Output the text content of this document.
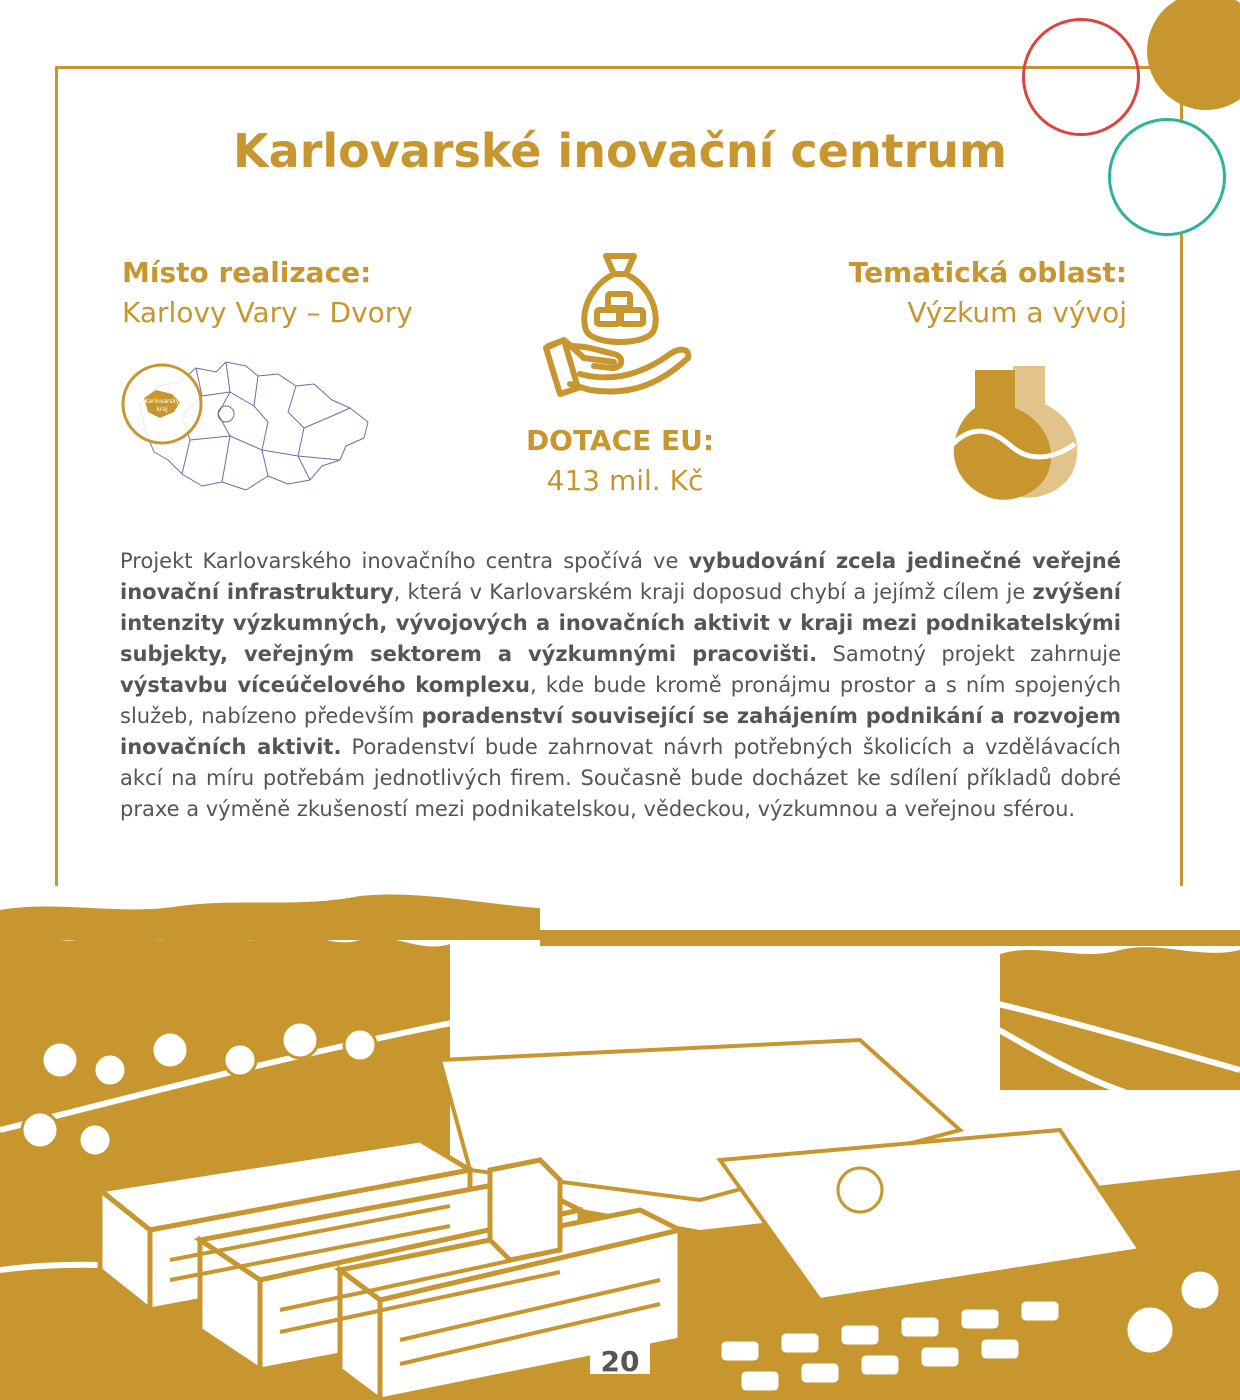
Karlovarské inovační centrum
Místo realizace:
Karlovy Vary – Dvory
Tematická oblast:
Výzkum a vývoj
DOTACE EU:
413 mil. Kč
Karlovarský
kraj

Projekt Karlovarského inovačního centra spočívá ve vybudování zcela jedinečné veřejné inovační infrastruktury, která v Karlovarském kraji doposud chybí a jejímž cílem je zvýšení intenzity výzkumných, vývojových a inovačních aktivit v kraji mezi podnikatelskými subjekty, veřejným sektorem a výzkumnými pracovišti. Samotný projekt zahrnuje výstavbu víceúčelového komplexu, kde bude kromě pronájmu prostor a s ním spojených služeb, nabízeno především poradenství související se zahájením podnikání a rozvojem inovačních aktivit. Poradenství bude zahrnovat návrh potřebných školicích a vzdělávacích akcí na míru potřebám jednotlivých firem. Současně bude docházet ke sdílení příkladů dobré praxe a výměně zkušeností mezi podnikatelskou, vědeckou, výzkumnou a veřejnou sférou.

20
